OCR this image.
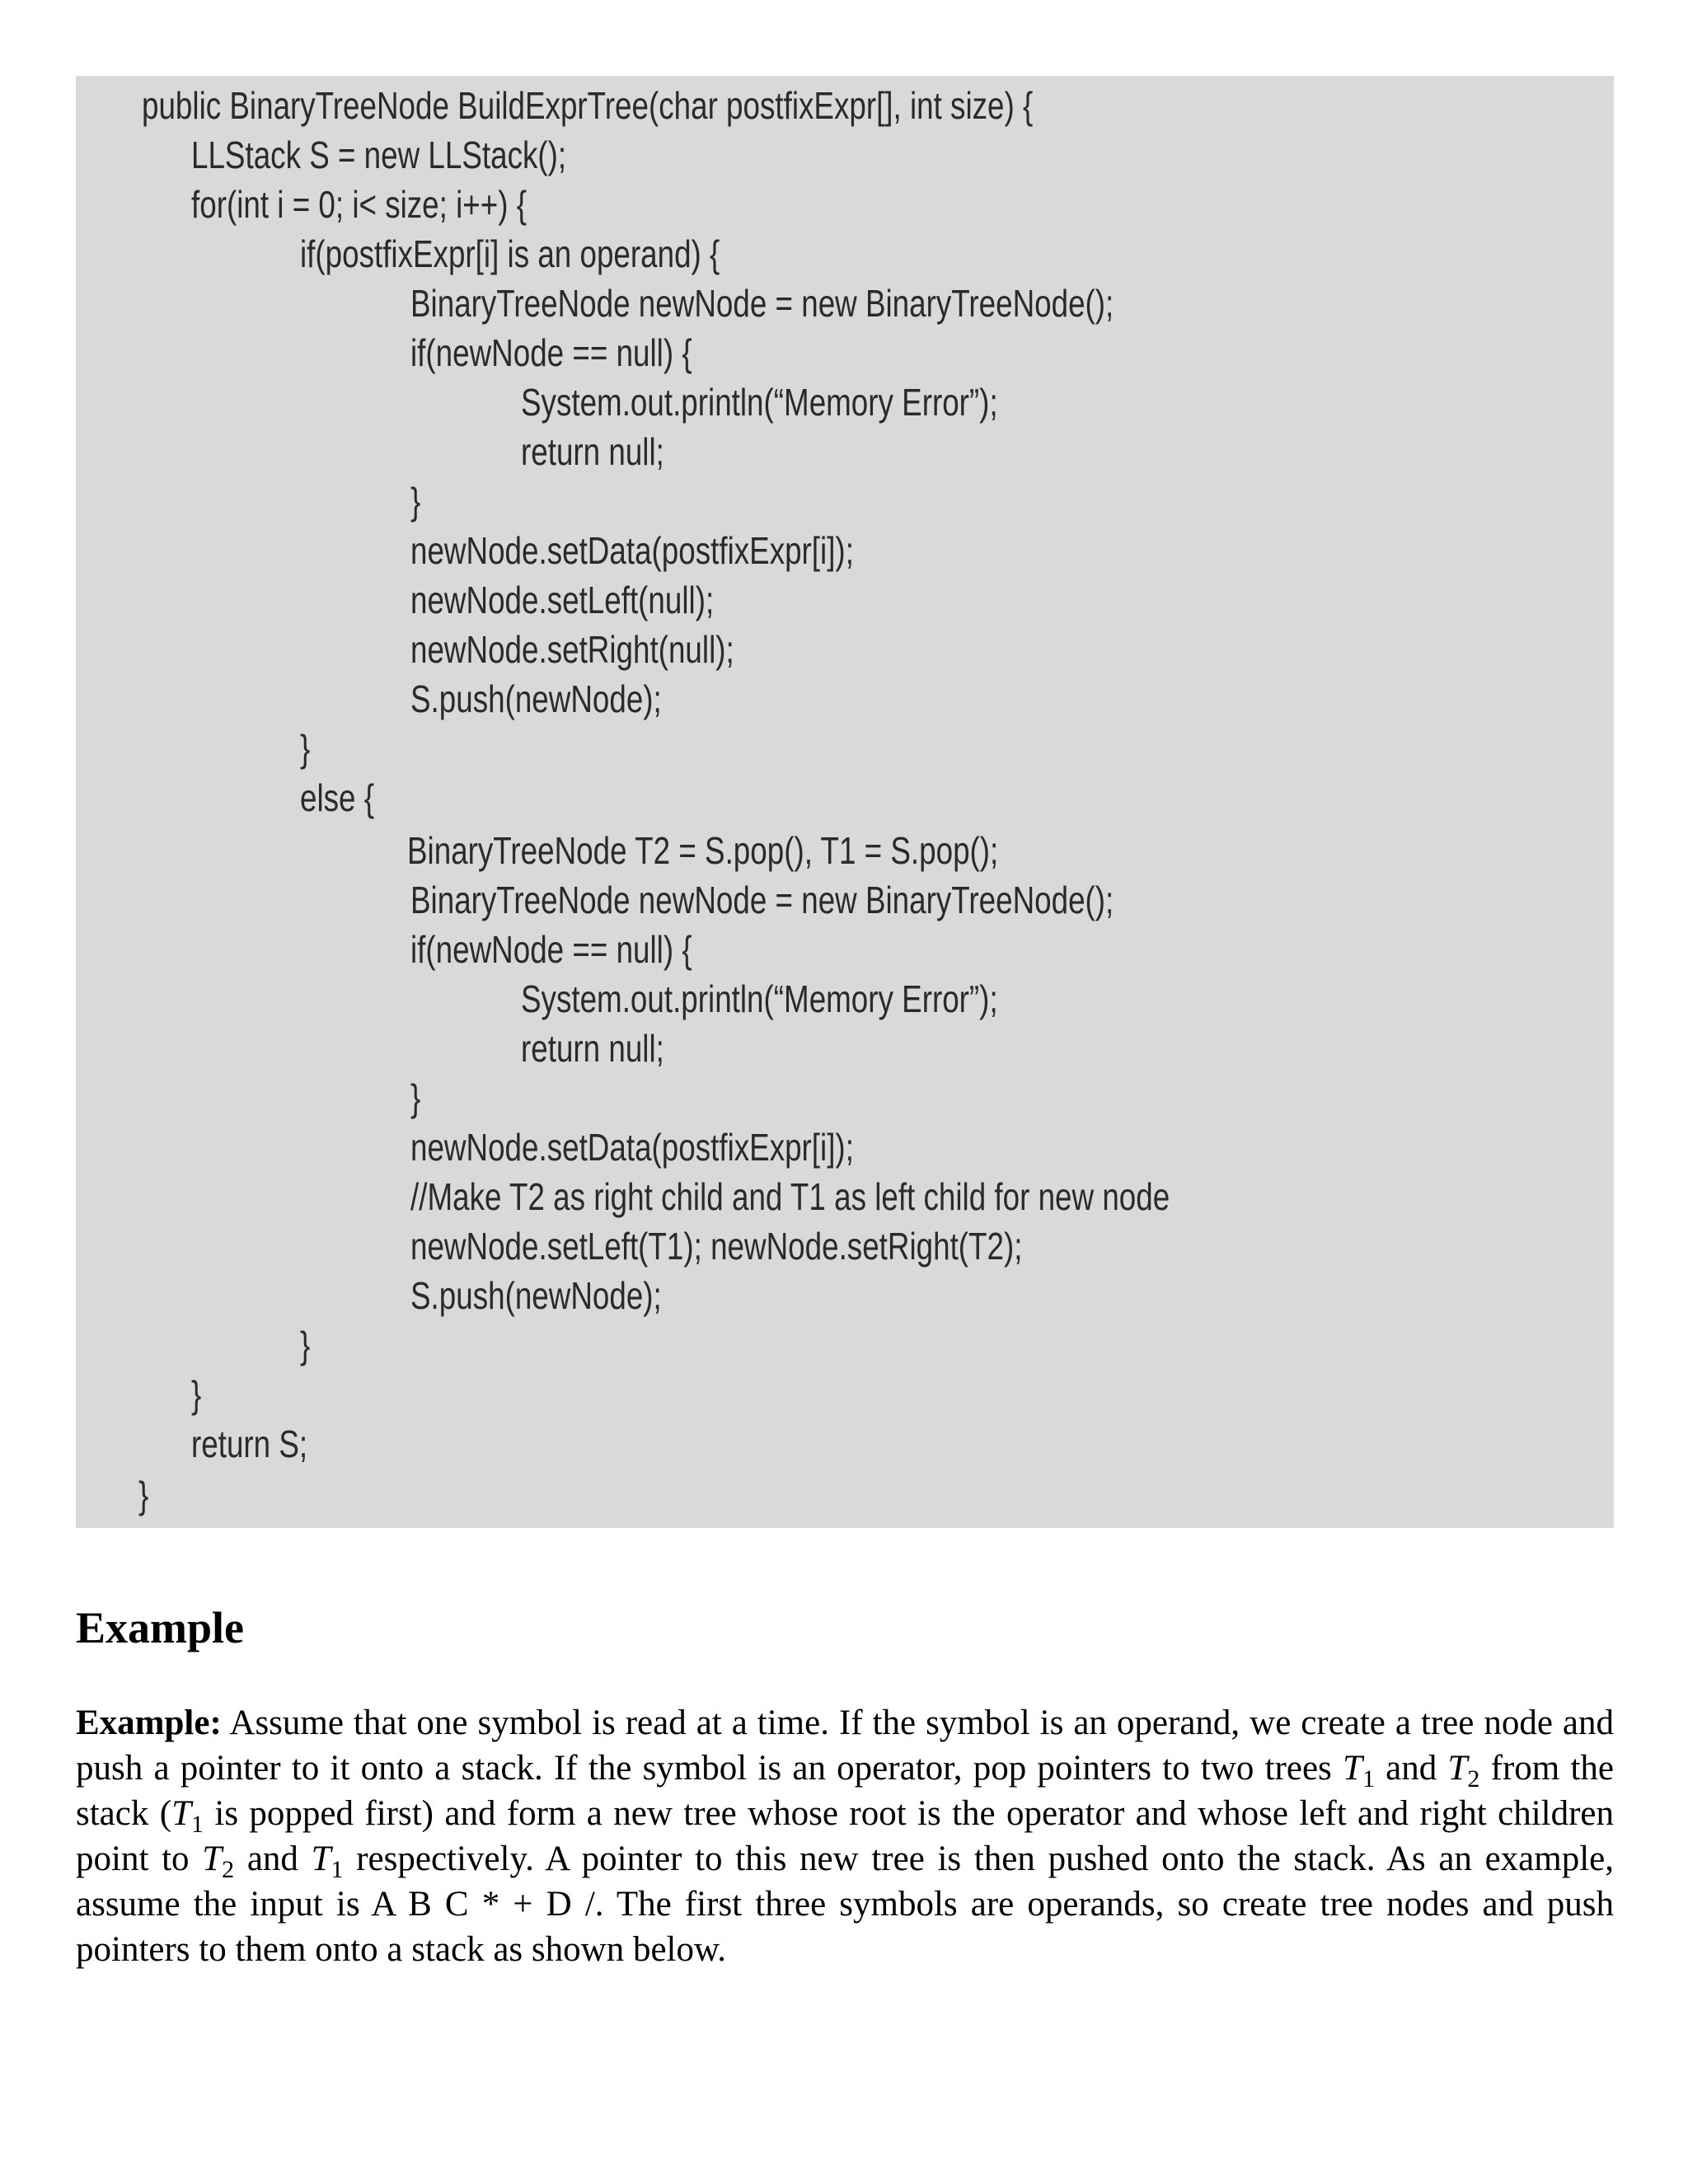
public BinaryTreeNode BuildExprTree(char postfixExpr[], int size) {
LLStack S = new LLStack();
for(int i = 0; i< size; i++) {
if(postfixExpr[i] is an operand) {
BinaryTreeNode newNode = new BinaryTreeNode();
if(newNode == null) {
System.out.println(“Memory Error”);
return null;
}
newNode.setData(postfixExpr[i]);
newNode.setLeft(null);
newNode.setRight(null);
S.push(newNode);
}
else {
BinaryTreeNode T2 = S.pop(), T1 = S.pop();
BinaryTreeNode newNode = new BinaryTreeNode();
if(newNode == null) {
System.out.println(“Memory Error”);
return null;
}
newNode.setData(postfixExpr[i]);
//Make T2 as right child and T1 as left child for new node
newNode.setLeft(T1); newNode.setRight(T2);
S.push(newNode);
}
}
return S;
}
Example

Example: Assume that one symbol is read at a time. If the symbol is an operand, we create a tree node and push a pointer to it onto a stack. If the symbol is an operator, pop pointers to two trees $T_1$ and $T_2$ from the stack ($T_1$ is popped first) and form a new tree whose root is the operator and whose left and right children point to $T_2$ and $T_1$ respectively. A pointer to this new tree is then pushed onto the stack. As an example, assume the input is A B C * + D /. The first three symbols are operands, so create tree nodes and push pointers to them onto a stack as shown below.
